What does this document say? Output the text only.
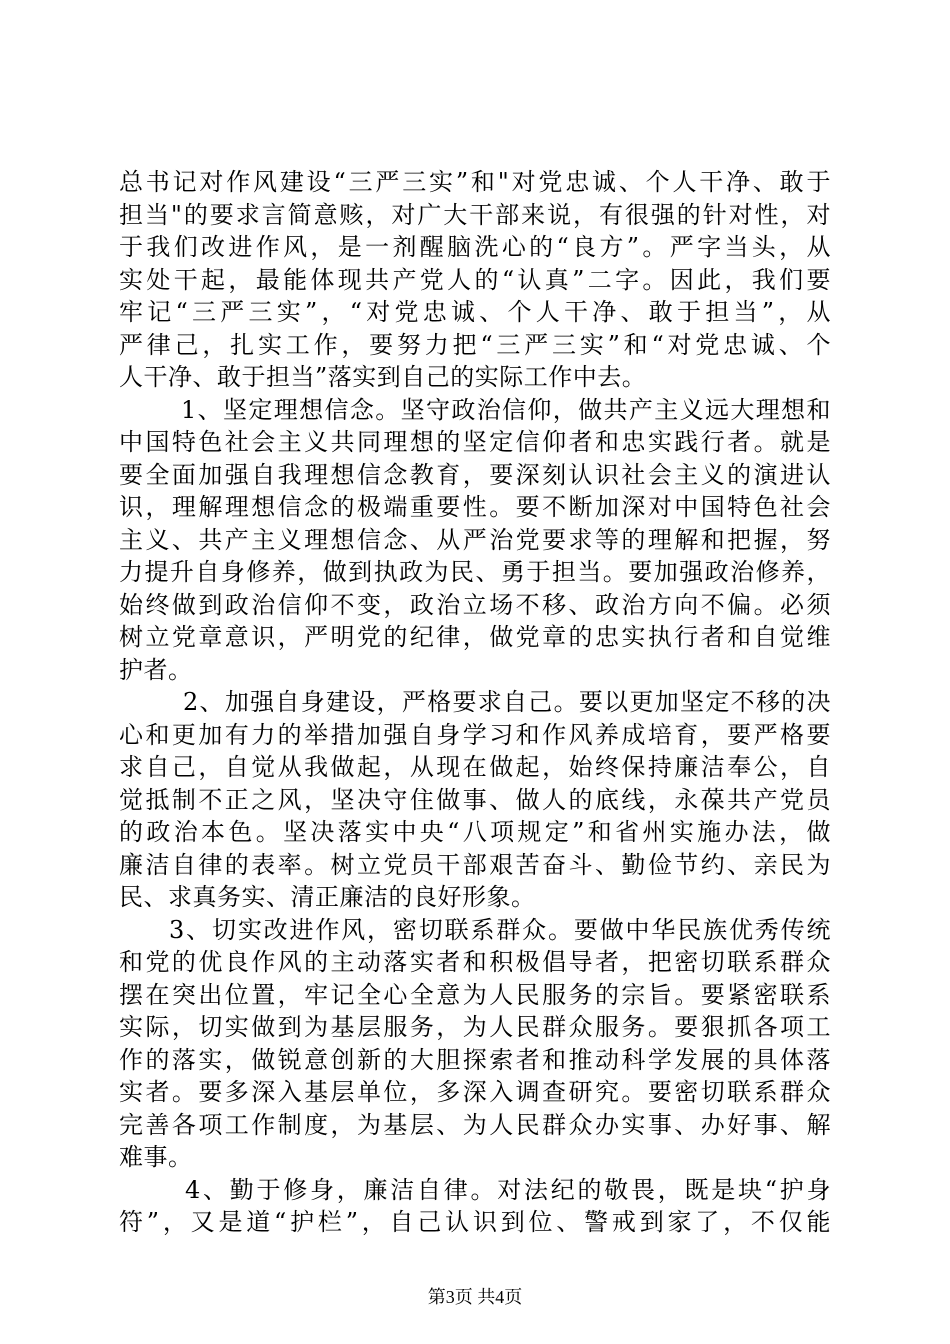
总书记对作风建设“三严三实”和"对党忠诚、个人干净、敢于
担当"的要求言简意赅，对广大干部来说，有很强的针对性，对
于我们改进作风，是一剂醒脑洗心的“良方”。严字当头，从
实处干起，最能体现共产党人的“认真”二字。因此，我们要
牢记“三严三实”，“对党忠诚、个人干净、敢于担当”，从
严律己，扎实工作，要努力把“三严三实”和“对党忠诚、个
人干净、敢于担当”落实到自己的实际工作中去。
1、坚定理想信念。坚守政治信仰，做共产主义远大理想和
中国特色社会主义共同理想的坚定信仰者和忠实践行者。就是
要全面加强自我理想信念教育，要深刻认识社会主义的演进认
识，理解理想信念的极端重要性。要不断加深对中国特色社会
主义、共产主义理想信念、从严治党要求等的理解和把握，努
力提升自身修养，做到执政为民、勇于担当。要加强政治修养，
始终做到政治信仰不变，政治立场不移、政治方向不偏。必须
树立党章意识，严明党的纪律，做党章的忠实执行者和自觉维
护者。
2、加强自身建设，严格要求自己。要以更加坚定不移的决
心和更加有力的举措加强自身学习和作风养成培育，要严格要
求自己，自觉从我做起，从现在做起，始终保持廉洁奉公，自
觉抵制不正之风，坚决守住做事、做人的底线，永葆共产党员
的政治本色。坚决落实中央“八项规定”和省州实施办法，做
廉洁自律的表率。树立党员干部艰苦奋斗、勤俭节约、亲民为
民、求真务实、清正廉洁的良好形象。
3、切实改进作风，密切联系群众。要做中华民族优秀传统
和党的优良作风的主动落实者和积极倡导者，把密切联系群众
摆在突出位置，牢记全心全意为人民服务的宗旨。要紧密联系
实际，切实做到为基层服务，为人民群众服务。要狠抓各项工
作的落实，做锐意创新的大胆探索者和推动科学发展的具体落
实者。要多深入基层单位，多深入调查研究。要密切联系群众
完善各项工作制度，为基层、为人民群众办实事、办好事、解
难事。
4、勤于修身，廉洁自律。对法纪的敬畏，既是块“护身
符”，又是道“护栏”，自己认识到位、警戒到家了，不仅能
第3页 共4页
